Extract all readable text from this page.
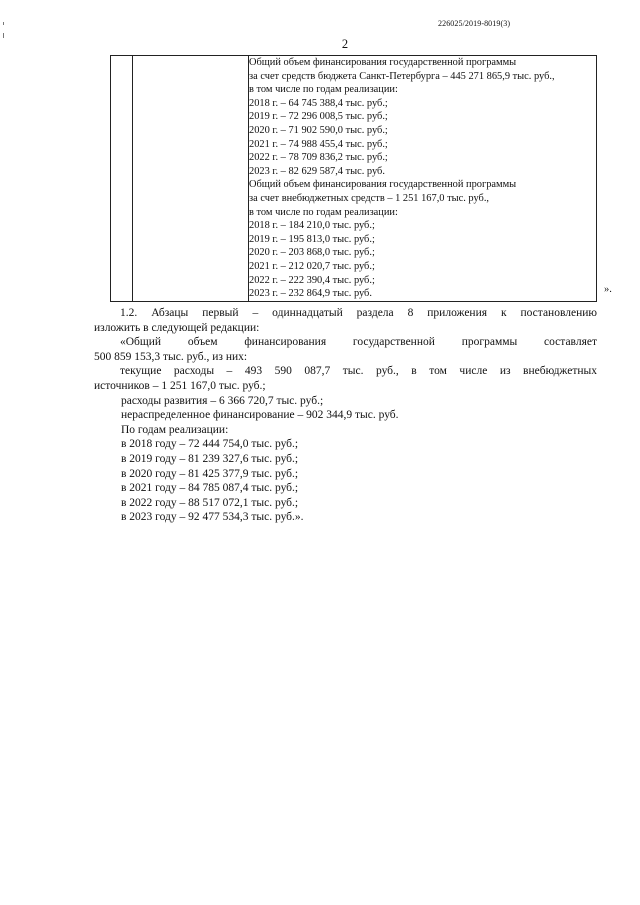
226025/2019-8019(3)
2

Общий объем финансирования государственной программы
за счет средств бюджета Санкт-Петербурга – 445 271 865,9 тыс. руб.,
в том числе по годам реализации:
2018 г. – 64 745 388,4 тыс. руб.;
2019 г. – 72 296 008,5 тыс. руб.;
2020 г. – 71 902 590,0 тыс. руб.;
2021 г. – 74 988 455,4 тыс. руб.;
2022 г. – 78 709 836,2 тыс. руб.;
2023 г. – 82 629 587,4 тыс. руб.
Общий объем финансирования государственной программы
за счет внебюджетных средств – 1 251 167,0 тыс. руб.,
в том числе по годам реализации:
2018 г. – 184 210,0 тыс. руб.;
2019 г. – 195 813,0 тыс. руб.;
2020 г. – 203 868,0 тыс. руб.;
2021 г. – 212 020,7 тыс. руб.;
2022 г. – 222 390,4 тыс. руб.;
2023 г. – 232 864,9 тыс. руб.	».
1.2. Абзацы первый – одиннадцатый раздела 8 приложения к постановлению
изложить в следующей редакции:
«Общий объем финансирования государственной программы составляет
500 859 153,3 тыс. руб., из них:
текущие расходы – 493 590 087,7 тыс. руб., в том числе из внебюджетных
источников – 1 251 167,0 тыс. руб.;
расходы развития – 6 366 720,7 тыс. руб.;
нераспределенное финансирование – 902 344,9 тыс. руб.
По годам реализации:
в 2018 году – 72 444 754,0 тыс. руб.;
в 2019 году – 81 239 327,6 тыс. руб.;
в 2020 году – 81 425 377,9 тыс. руб.;
в 2021 году – 84 785 087,4 тыс. руб.;
в 2022 году – 88 517 072,1 тыс. руб.;
в 2023 году – 92 477 534,3 тыс. руб.».
